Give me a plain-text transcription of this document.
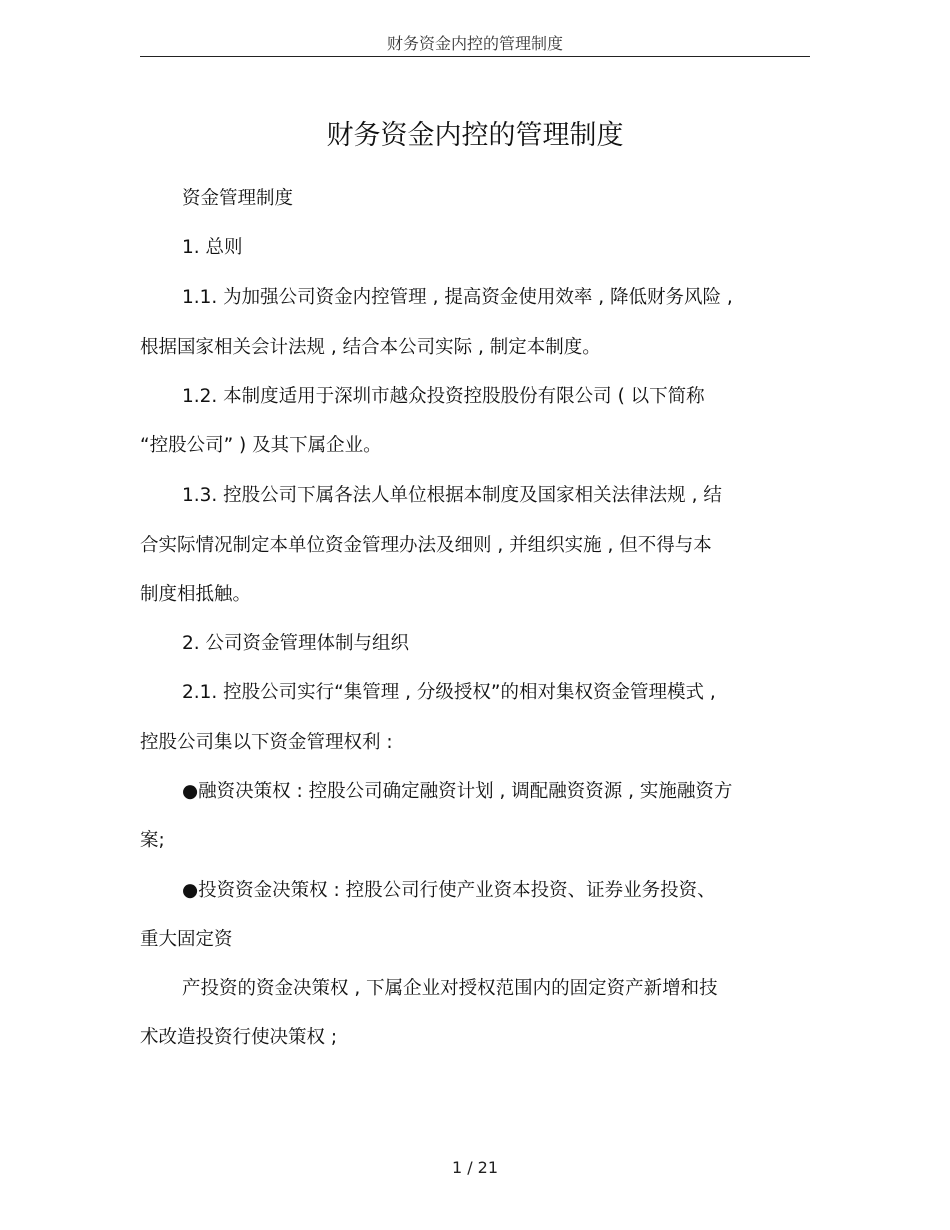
财务资金内控的管理制度
财务资金内控的管理制度
资金管理制度
1. 总则
1.1. 为加强公司资金内控管理 , 提高资金使用效率 , 降低财务风险 ,
根据国家相关会计法规 , 结合本公司实际 , 制定本制度。
1.2. 本制度适用于深圳市越众投资控股股份有限公司 ( 以下简称
“控股公司” ) 及其下属企业。
1.3. 控股公司下属各法人单位根据本制度及国家相关法律法规 , 结
合实际情况制定本单位资金管理办法及细则 , 并组织实施 , 但不得与本
制度相抵触。
2. 公司资金管理体制与组织
2.1. 控股公司实行“集管理 , 分级授权”的相对集权资金管理模式 ,
控股公司集以下资金管理权利 :
●融资决策权 : 控股公司确定融资计划 , 调配融资资源 , 实施融资方
案;
●投资资金决策权 : 控股公司行使产业资本投资、证券业务投资、
重大固定资
产投资的资金决策权 , 下属企业对授权范围内的固定资产新增和技
术改造投资行使决策权 ;
1 / 21
